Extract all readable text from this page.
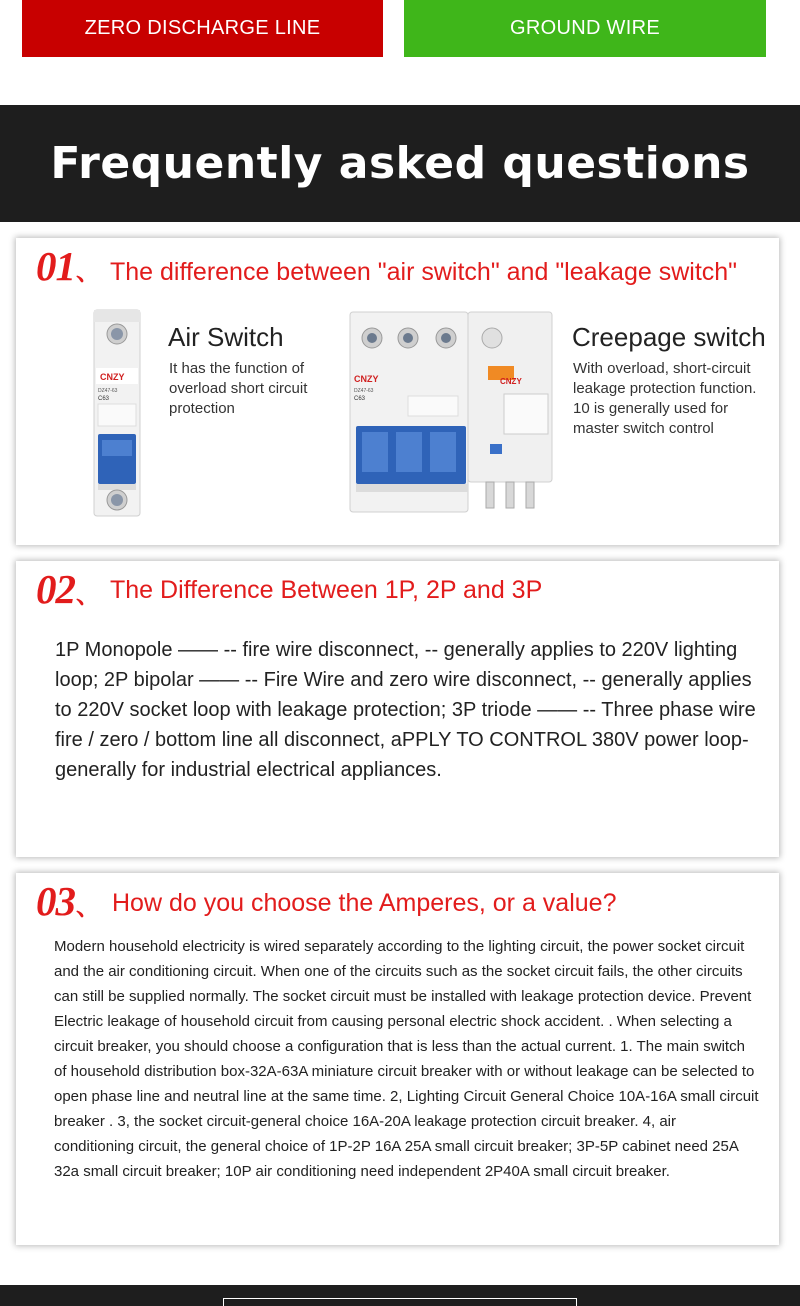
ZERO DISCHARGE LINE	GROUND WIRE
Frequently asked questions
01、 The difference between "air switch" and "leakage switch"
CNZY
DZ47-63
C63
Air Switch
It has the function of overload short circuit protection
CNZY
DZ47-63
C63
CNZY
Creepage switch
With overload, short-circuit leakage protection function. 10 is generally used for master switch control
02、 The Difference Between 1P, 2P and 3P

1P Monopole —— -- fire wire disconnect, -- generally applies to 220V lighting loop; 2P bipolar —— -- Fire Wire and zero wire disconnect, -- generally applies to 220V socket loop with leakage protection; 3P triode —— -- Three phase wire fire / zero / bottom line all disconnect, aPPLY TO CONTROL 380V power loop-generally for industrial electrical appliances.

03、 How do you choose the Amperes, or a value?

Modern household electricity is wired separately according to the lighting circuit, the power socket circuit and the air conditioning circuit. When one of the circuits such as the socket circuit fails, the other circuits can still be supplied normally. The socket circuit must be installed with leakage protection device. Prevent Electric leakage of household circuit from causing personal electric shock accident. . When selecting a circuit breaker, you should choose a configuration that is less than the actual current. 1. The main switch of household distribution box-32A-63A miniature circuit breaker with or without leakage can be selected to open phase line and neutral line at the same time. 2, Lighting Circuit General Choice 10A-16A small circuit breaker . 3, the socket circuit-general choice 16A-20A leakage protection circuit breaker. 4, air conditioning circuit, the general choice of 1P-2P 16A 25A small circuit breaker; 3P-5P cabinet need 25A 32a small circuit breaker; 10P air conditioning need independent 2P40A small circuit breaker.
